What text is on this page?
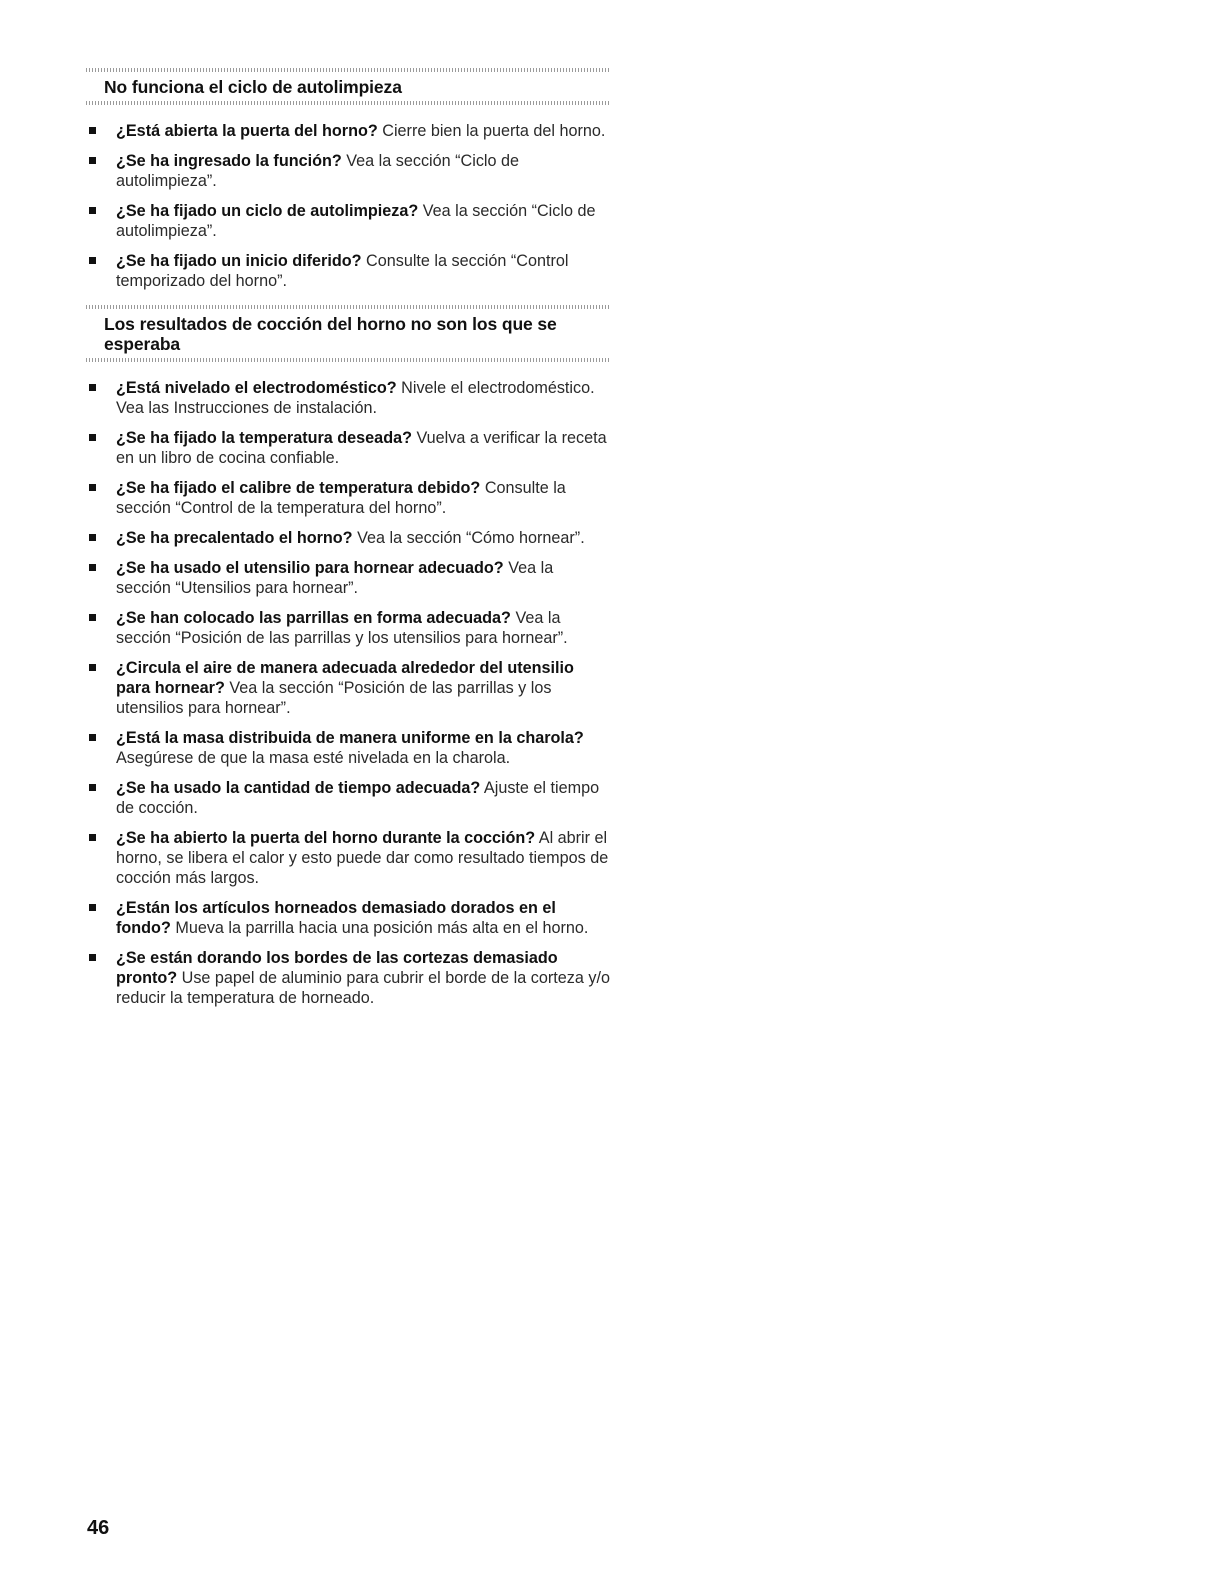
No funciona el ciclo de autolimpieza
¿Está abierta la puerta del horno? Cierre bien la puerta del horno.
¿Se ha ingresado la función? Vea la sección “Ciclo de autolimpieza”.
¿Se ha fijado un ciclo de autolimpieza? Vea la sección “Ciclo de autolimpieza”.
¿Se ha fijado un inicio diferido? Consulte la sección “Control temporizado del horno”.
Los resultados de cocción del horno no son los que se esperaba
¿Está nivelado el electrodoméstico? Nivele el electrodoméstico. Vea las Instrucciones de instalación.
¿Se ha fijado la temperatura deseada? Vuelva a verificar la receta en un libro de cocina confiable.
¿Se ha fijado el calibre de temperatura debido? Consulte la sección “Control de la temperatura del horno”.
¿Se ha precalentado el horno? Vea la sección “Cómo hornear”.
¿Se ha usado el utensilio para hornear adecuado? Vea la sección “Utensilios para hornear”.
¿Se han colocado las parrillas en forma adecuada? Vea la sección “Posición de las parrillas y los utensilios para hornear”.
¿Circula el aire de manera adecuada alrededor del utensilio para hornear? Vea la sección “Posición de las parrillas y los utensilios para hornear”.
¿Está la masa distribuida de manera uniforme en la charola? Asegúrese de que la masa esté nivelada en la charola.
¿Se ha usado la cantidad de tiempo adecuada? Ajuste el tiempo de cocción.
¿Se ha abierto la puerta del horno durante la cocción? Al abrir el horno, se libera el calor y esto puede dar como resultado tiempos de cocción más largos.
¿Están los artículos horneados demasiado dorados en el fondo? Mueva la parrilla hacia una posición más alta en el horno.
¿Se están dorando los bordes de las cortezas demasiado pronto? Use papel de aluminio para cubrir el borde de la corteza y/o reducir la temperatura de horneado.
46
